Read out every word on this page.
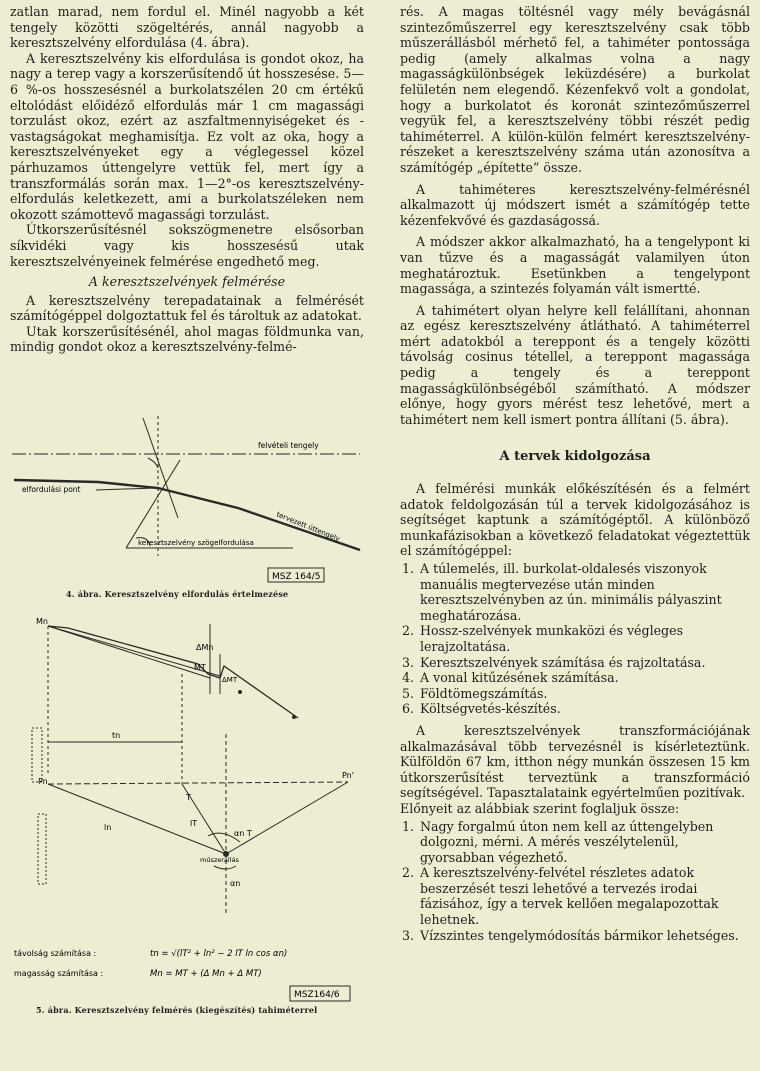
zatlan marad, nem fordul el. Minél nagyobb a két tengely közötti szögeltérés, annál nagyobb a keresztszelvény elfordulása (4. ábra).

A keresztszelvény kis elfordulása is gondot okoz, ha nagy a terep vagy a korszerűsítendő út hosszesése. 5—6 %-os hosszesésnél a burkolatszélen 20 cm értékű eltolódást előidéző elfordulás már 1 cm magassági torzulást okoz, ezért az aszfaltmennyiségeket és -vastagságokat meghamisítja. Ez volt az oka, hogy a keresztszelvényeket egy a véglegessel közel párhuzamos úttengelyre vettük fel, mert így a transzformálás során max. 1—2°-os keresztszelvény-elfordulás keletkezett, ami a burkolatszéleken nem okozott számottevő magassági torzulást.

Útkorszerűsítésnél sokszögmenetre elsősorban síkvidéki vagy kis hosszesésű utak keresztszelvényeinek felmérése engedhető meg.

A keresztszelvények felmérése

A keresztszelvény terepadatainak a felmérését számítógéppel dolgoztattuk fel és tároltuk az adatokat.

Utak korszerűsítésénél, ahol magas földmunka van, mindig gondot okoz a keresztszelvény-felmé-

felvételi tengely
elfordulási pont
tervezett úttengely
keresztszelvény szögelfordulása
MSZ 164/5
4. ábra. Keresztszelvény elfordulás értelmezése
Mn
ΔMn
MT
ΔMT
tn
Pn
Pn'
T
lT
ln
αn T
αn
műszerállás
távolság számítása :	tn = √(lT² + ln² − 2 lT ln cos αn)
magasság számítása :	Mn = MT + (Δ Mn + Δ MT)
MSZ164/6
5. ábra. Keresztszelvény felmérés (kiegészítés) tahiméterrel

rés. A magas töltésnél vagy mély bevágásnál szintezőműszerrel egy keresztszelvény csak több műszerállásból mérhető fel, a tahiméter pontossága pedig (amely alkalmas volna a nagy magasságkülönbségek leküzdésére) a burkolat felületén nem elegendő. Kézenfekvő volt a gondolat, hogy a burkolatot és koronát szintezőműszerrel vegyük fel, a keresztszelvény többi részét pedig tahiméterrel. A külön-külön felmért keresztszelvény-részeket a keresztszelvény száma után azonosítva a számítógép „építette” össze.

A tahiméteres keresztszelvény-felmérésnél alkalmazott új módszert ismét a számítógép tette kézenfekvővé és gazdaságossá.

A módszer akkor alkalmazható, ha a tengelypont ki van tűzve és a magasságát valamilyen úton meghatároztuk. Esetünkben a tengelypont magassága, a szintezés folyamán vált ismertté.

A tahimétert olyan helyre kell felállítani, ahonnan az egész keresztszelvény átlátható. A tahiméterrel mért adatokból a tereppont és a tengely közötti távolság cosinus tétellel, a tereppont magassága pedig a tengely és a tereppont magasságkülönbségéből számítható. A módszer előnye, hogy gyors mérést tesz lehetővé, mert a tahimétert nem kell ismert pontra állítani (5. ábra).

A tervek kidolgozása

A felmérési munkák előkészítésén és a felmért adatok feldolgozásán túl a tervek kidolgozásához is segítséget kaptunk a számítógéptől. A különböző munkafázisokban a következő feladatokat végeztettük el számítógéppel:

1. A túlemelés, ill. burkolat-oldalesés viszonyok manuális megtervezése után minden keresztszelvényben az ún. minimális pályaszint meghatározása.
2. Hossz-szelvények munkaközi és végleges lerajzoltatása.
3. Keresztszelvények számítása és rajzoltatása.
4. A vonal kitűzésének számítása.
5. Földtömegszámítás.
6. Költségvetés-készítés.

A keresztszelvények transzformációjának alkalmazásával több tervezésnél is kísérleteztünk. Külföldön 67 km, itthon négy munkán összesen 15 km útkorszerűsítést terveztünk a transzformáció segítségével. Tapasztalataink egyértelműen pozitívak.

Előnyeit az alábbiak szerint foglaljuk össze:

1. Nagy forgalmú úton nem kell az úttengelyben dolgozni, mérni. A mérés veszélytelenül, gyorsabban végezhető.
2. A keresztszelvény-felvétel részletes adatok beszerzését teszi lehetővé a tervezés irodai fázisához, így a tervek kellően megalapozottak lehetnek.
3. Vízszintes tengelymódosítás bármikor lehetséges.
